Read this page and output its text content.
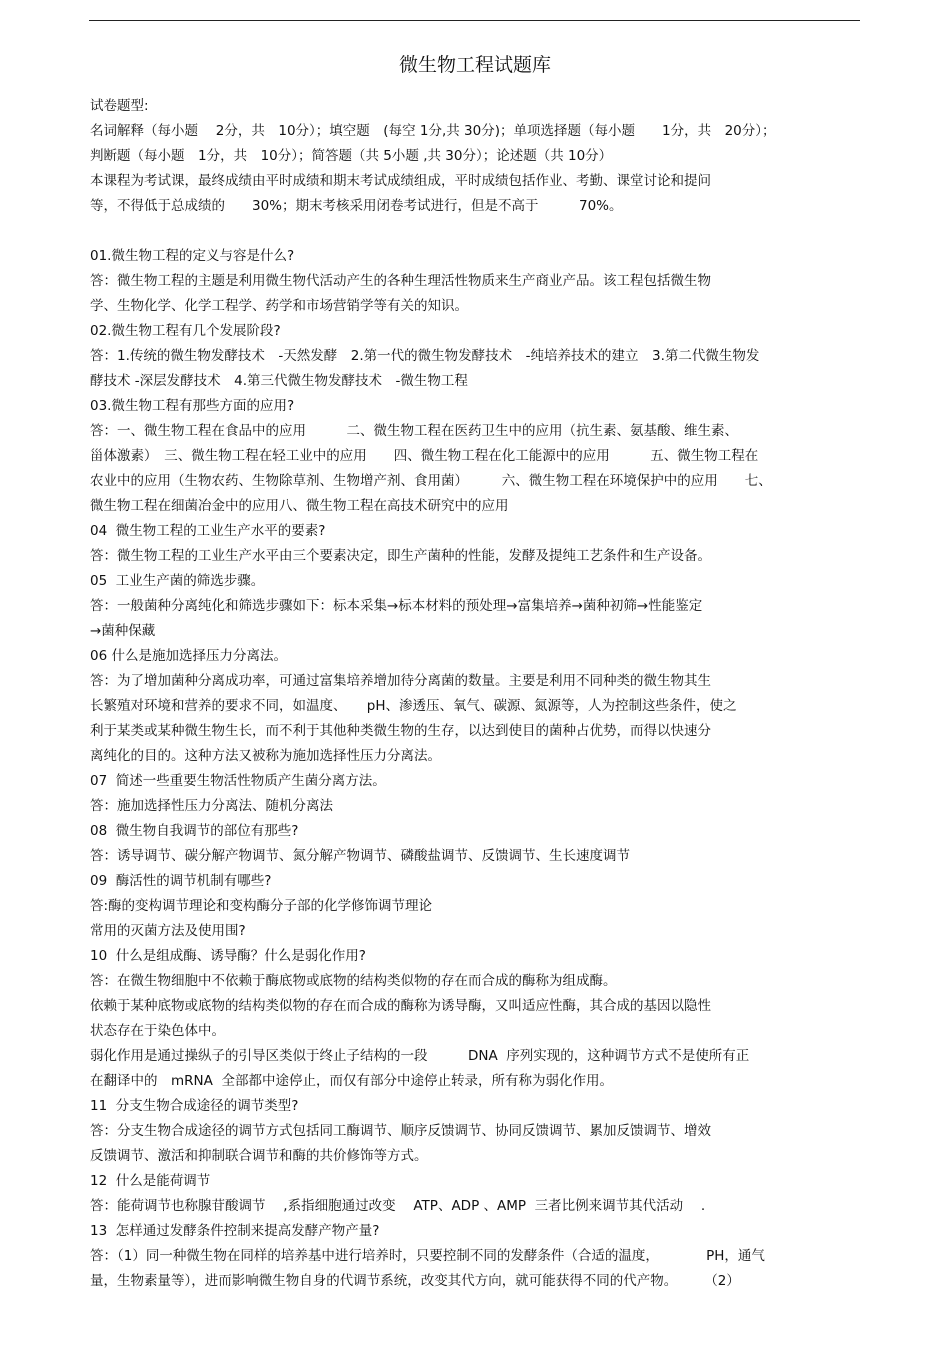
微生物工程试题库
试卷题型:
名词解释（每小题　 2分，共　10分）；填空题　(每空 1分,共 30分)；单项选择题（每小题　　1分，共　20分）；
判断题（每小题　1分，共　10分）；简答题（共 5小题 ,共 30分）；论述题（共 10分）
本课程为考试课，最终成绩由平时成绩和期末考试成绩组成，平时成绩包括作业、考勤、课堂讨论和提问
等，不得低于总成绩的　　30%；期末考核采用闭卷考试进行，但是不高于　　　70%。
01.微生物工程的定义与容是什么?
答：微生物工程的主题是利用微生物代活动产生的各种生理活性物质来生产商业产品。该工程包括微生物
学、生物化学、化学工程学、药学和市场营销学等有关的知识。
02.微生物工程有几个发展阶段?
答：1.传统的微生物发酵技术　-天然发酵　2.第一代的微生物发酵技术　-纯培养技术的建立　3.第二代微生物发
酵技术 -深层发酵技术　4.第三代微生物发酵技术　-微生物工程
03.微生物工程有那些方面的应用?
答：一、微生物工程在食品中的应用　　　二、微生物工程在医药卫生中的应用（抗生素、氨基酸、维生素、
甾体激素）　三、微生物工程在轻工业中的应用　　四、微生物工程在化工能源中的应用　　　五、微生物工程在
农业中的应用（生物农药、生物除草剂、生物增产剂、食用菌）　　　六、微生物工程在环境保护中的应用　　七、
微生物工程在细菌冶金中的应用八、微生物工程在高技术研究中的应用
04  微生物工程的工业生产水平的要素?
答：微生物工程的工业生产水平由三个要素决定，即生产菌种的性能，发酵及提纯工艺条件和生产设备。
05  工业生产菌的筛选步骤。
答：一般菌种分离纯化和筛选步骤如下：标本采集→标本材料的预处理→富集培养→菌种初筛→性能鉴定
→菌种保藏
06 什么是施加选择压力分离法。
答：为了增加菌种分离成功率，可通过富集培养增加待分离菌的数量。主要是利用不同种类的微生物其生
长繁殖对环境和营养的要求不同，如温度、　　pH、渗透压、氧气、碳源、氮源等，人为控制这些条件，使之
利于某类或某种微生物生长，而不利于其他种类微生物的生存，以达到使目的菌种占优势，而得以快速分
离纯化的目的。这种方法又被称为施加选择性压力分离法。
07  简述一些重要生物活性物质产生菌分离方法。
答：施加选择性压力分离法、随机分离法
08  微生物自我调节的部位有那些?
答：诱导调节、碳分解产物调节、氮分解产物调节、磷酸盐调节、反馈调节、生长速度调节
09  酶活性的调节机制有哪些?
答:酶的变构调节理论和变构酶分子部的化学修饰调节理论
常用的灭菌方法及使用围?
10  什么是组成酶、诱导酶？什么是弱化作用?
答：在微生物细胞中不依赖于酶底物或底物的结构类似物的存在而合成的酶称为组成酶。
依赖于某种底物或底物的结构类似物的存在而合成的酶称为诱导酶，又叫适应性酶，其合成的基因以隐性
状态存在于染色体中。
弱化作用是通过操纵子的引导区类似于终止子结构的一段　　　DNA  序列实现的，这种调节方式不是使所有正
在翻译中的　mRNA  全部都中途停止，而仅有部分中途停止转录，所有称为弱化作用。
11  分支生物合成途径的调节类型?
答：分支生物合成途径的调节方式包括同工酶调节、顺序反馈调节、协同反馈调节、累加反馈调节、增效
反馈调节、激活和抑制联合调节和酶的共价修饰等方式。
12  什么是能荷调节
答：能荷调节也称腺苷酸调节　 ,系指细胞通过改变　 ATP、ADP 、AMP  三者比例来调节其代活动　 .
13  怎样通过发酵条件控制来提高发酵产物产量?
答：（1）同一种微生物在同样的培养基中进行培养时，只要控制不同的发酵条件（合适的温度，　　　　PH，通气
量，生物素量等），进而影响微生物自身的代调节系统，改变其代方向，就可能获得不同的代产物。　　　（2）
